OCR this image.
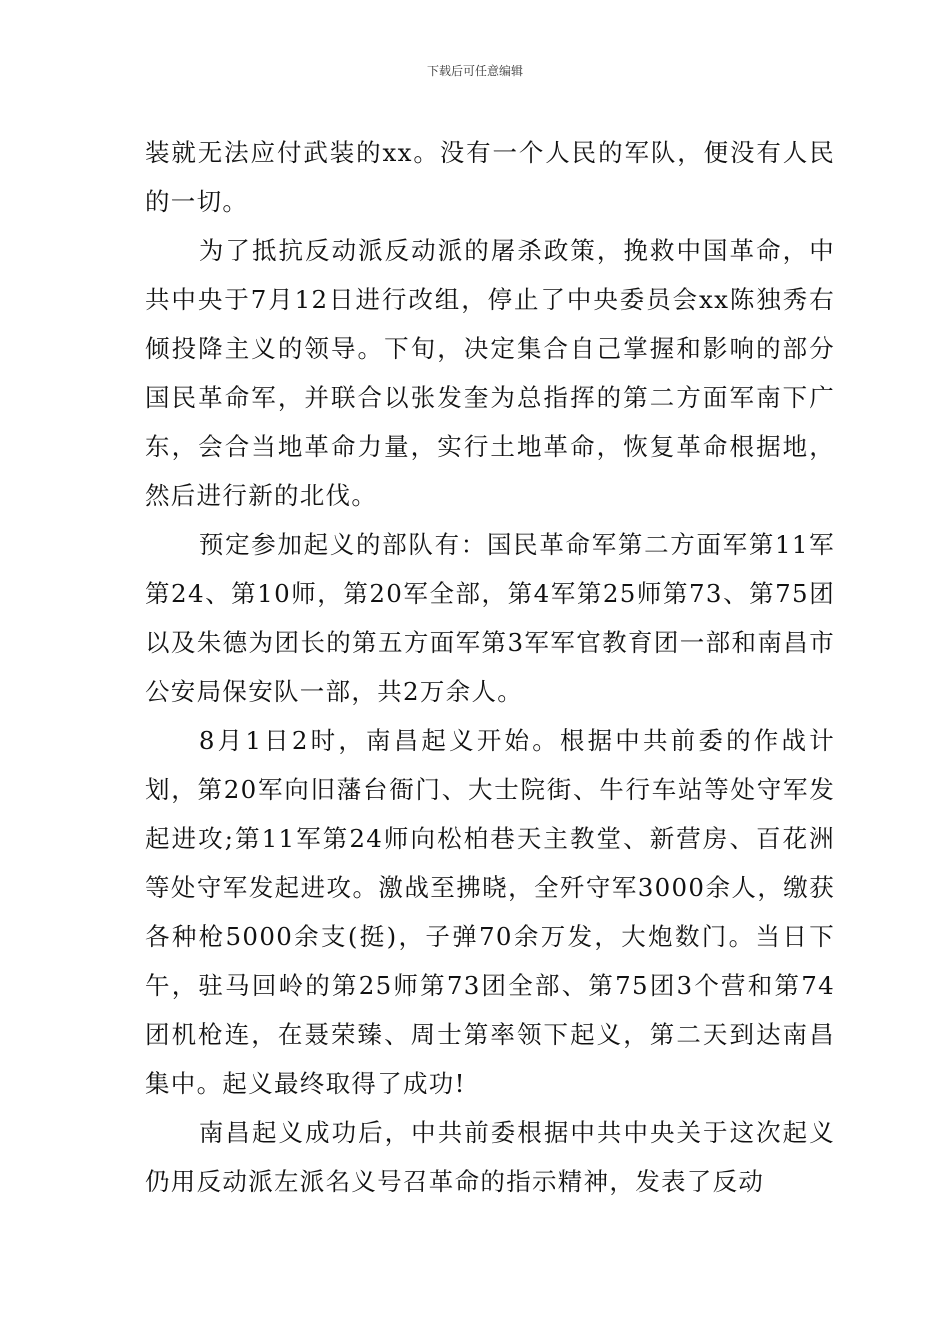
下载后可任意编辑

装就无法应付武装的xx。没有一个人民的军队，便没有人民的一切。

为了抵抗反动派反动派的屠杀政策，挽救中国革命，中共中央于7月12日进行改组，停止了中央委员会xx陈独秀右倾投降主义的领导。下旬，决定集合自己掌握和影响的部分国民革命军，并联合以张发奎为总指挥的第二方面军南下广东，会合当地革命力量，实行土地革命，恢复革命根据地，然后进行新的北伐。

预定参加起义的部队有：国民革命军第二方面军第11军第24、第10师，第20军全部，第4军第25师第73、第75团以及朱德为团长的第五方面军第3军军官教育团一部和南昌市公安局保安队一部，共2万余人。

8月1日2时，南昌起义开始。根据中共前委的作战计划，第20军向旧藩台衙门、大士院街、牛行车站等处守军发起进攻;第11军第24师向松柏巷天主教堂、新营房、百花洲等处守军发起进攻。激战至拂晓，全歼守军3000余人，缴获各种枪5000余支(挺)，子弹70余万发，大炮数门。当日下午，驻马回岭的第25师第73团全部、第75团3个营和第74团机枪连，在聂荣臻、周士第率领下起义，第二天到达南昌集中。起义最终取得了成功!

南昌起义成功后，中共前委根据中共中央关于这次起义仍用反动派左派名义号召革命的指示精神，发表了反动
